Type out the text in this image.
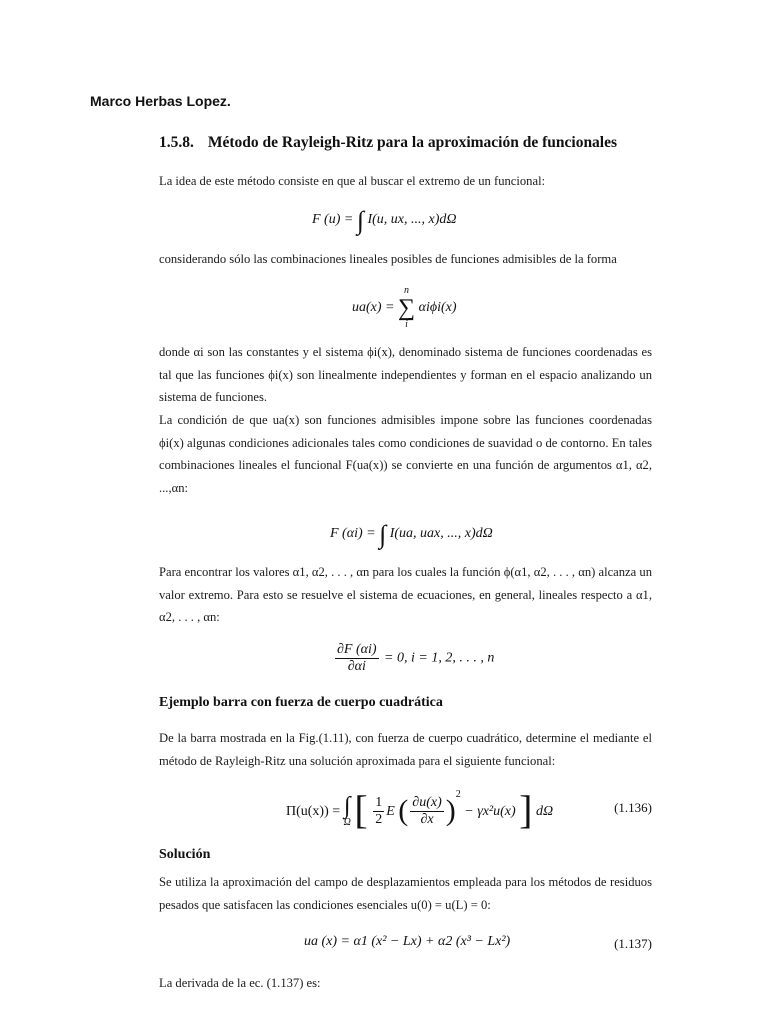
Marco Herbas Lopez.
1.5.8. Método de Rayleigh-Ritz para la aproximación de funcionales
La idea de este método consiste en que al buscar el extremo de un funcional:
F (u) = ∫ I(u, ux, ..., x)dΩ
considerando sólo las combinaciones lineales posibles de funciones admisibles de la forma
ua(x) =
n
∑
i
αiϕi(x)
donde αi son las constantes y el sistema ϕi(x), denominado sistema de funciones coordenadas es tal que las funciones ϕi(x) son linealmente independientes y forman en el espacio analizando un sistema de funciones.
La condición de que ua(x) son funciones admisibles impone sobre las funciones coordenadas ϕi(x) algunas condiciones adicionales tales como condiciones de suavidad o de contorno. En tales combinaciones lineales el funcional F(ua(x)) se convierte en una función de argumentos α1, α2, ...,αn:
F (αi) = ∫ I(ua, uax, ..., x)dΩ
Para encontrar los valores α1, α2, . . . , αn para los cuales la función ϕ(α1, α2, . . . , αn) alcanza un valor extremo. Para esto se resuelve el sistema de ecuaciones, en general, lineales respecto a α1, α2, . . . , αn:
$\frac{\partial F (\alpha i)}{\partial\alpha i} = 0$, i = 1, 2, . . . , n
Ejemplo barra con fuerza de cuerpo cuadrática
De la barra mostrada en la Fig.(1.11), con fuerza de cuerpo cuadrático, determine el mediante el método de Rayleigh-Ritz una solución aproximada para el siguiente funcional:
Π(u(x)) = ∫
Ω [ $\frac{1}{2}$ E ( $\frac{\partial u(x)}{\partial x} )^2 - \gamma x^2u(x)$ ] dΩ	(1.136)
Solución
Se utiliza la aproximación del campo de desplazamientos empleada para los métodos de residuos pesados que satisfacen las condiciones esenciales u(0) = u(L) = 0:
ua (x) = α1 (x² − Lx) + α2 (x³ − Lx²)	(1.137)
La derivada de la ec. (1.137) es:
